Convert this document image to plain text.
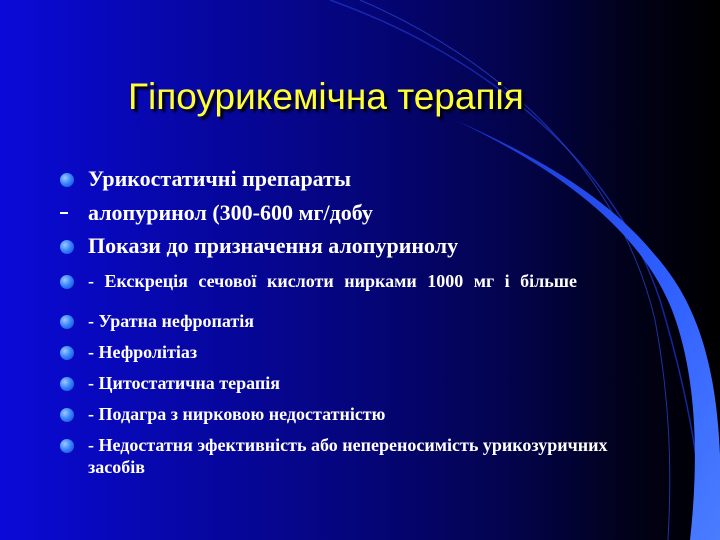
Гіпоурикемічна терапія
Урикостатичні препараты
алопуринол (300-600 мг/добу
Покази до призначення алопуринолу
- Екскреція сечової кислоти нирками 1000 мг і більше
- Уратна нефропатія
- Нефролітіаз
- Цитостатична терапія
- Подагра з нирковою недостатністю
- Недостатня эфективність або непереносимість урикозуричних засобів
